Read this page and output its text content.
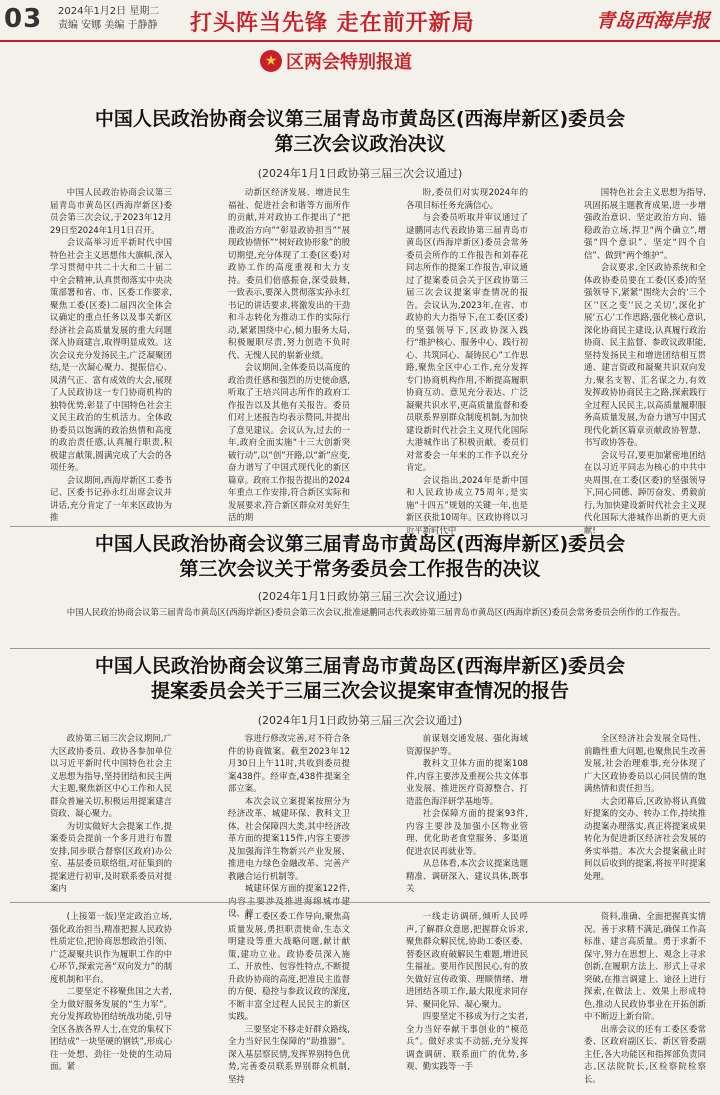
03 2024年1月2日 星期二
责编 安娜 美编 于静静 打头阵当先锋 走在前开新局	青岛西海岸报
★ 区两会特别报道
中国人民政治协商会议第三届青岛市黄岛区(西海岸新区)委员会
第三次会议政治决议
(2024年1月1日政协第三届三次会议通过)

中国人民政治协商会议第三届青岛市黄岛区(西海岸新区)委员会第三次会议,于2023年12月29日至2024年1月1日召开。

会议高举习近平新时代中国特色社会主义思想伟大旗帜,深入学习贯彻中共二十大和二十届二中全会精神,认真贯彻落实中央决策部署和省、市、区委工作要求,聚焦工委(区委)二届四次全体会议确定的重点任务以及事关新区经济社会高质量发展的重大问题深入协商建言,取得明显成效。这次会议充分发扬民主,广泛凝聚团结,是一次凝心聚力、提振信心、凤清气正、富有成效的大会,展现了人民政协这一专门协商机构的独特优势,彰显了中国特色社会主义民主政治的生机活力。全体政协委员以饱满的政治热情和高度的政治责任感,认真履行职责,积极建言献策,圆满完成了大会的各项任务。

会议期间,西海岸新区工委书记、区委书记孙永红出席会议并讲话,充分肯定了一年来区政协为推

动新区经济发展、增进民生福祉、促进社会和谐等方面所作的贡献,并对政协工作提出了“把准政治方向”“彰显政协担当”“展现政协情怀”“树好政协形象”的殷切期望,充分体现了工委(区委)对政协工作的高度重视和大力支持。委员们倍感振奋,深受鼓舞,一致表示,要深入贯彻落实孙永红书记的讲话要求,将激发出的干劲和斗志转化为推动工作的实际行动,紧紧围绕中心,倾力服务大局,积极履职尽责,努力创造不负时代、无愧人民的崭新业绩。

会议期间,全体委员以高度的政治责任感和强烈的历史使命感,听取了王培兴同志所作的政府工作报告以及其他有关报告。委员们对上述报告均表示赞同,并提出了意见建议。会议认为,过去的一年,政府全面实施“十三大创新突破行动”,以“创”开路,以“新”应变,奋力谱写了中国式现代化的新区篇章。政府工作报告提出的2024年重点工作安排,符合新区实际和发展要求,符合新区群众对美好生活的期

盼,委员们对实现2024年的各项目标任务充满信心。

与会委员听取并审议通过了逯鹏同志代表政协第三届青岛市黄岛区(西海岸新区)委员会常务委员会所作的工作报告和刘春花同志所作的提案工作报告,审议通过了提案委员会关于区政协第三届三次会议提案审查情况的报告。会议认为,2023年,在省、市政协的大力指导下,在工委(区委)的坚强领导下,区政协深入践行“维护核心、服务中心、践行初心、共筑同心、凝铸民心”工作思路,聚焦全区中心工作,充分发挥专门协商机构作用,不断提高履职协商互动、意见充分表达、广泛凝聚共识水平,更高质量监督和委员联系界别群众制度机制,为加快建设新时代社会主义现代化国际大港城作出了积极贡献。委员们对常委会一年来的工作予以充分肯定。

会议指出,2024年是新中国和人民政协成立75周年,是实施“十四五”规划的关键一年,也是新区获批10周年。区政协将以习近平新时代中

国特色社会主义思想为指导,巩固拓展主题教育成果,进一步增强政治意识、坚定政治方向、锚稳政治立场,捍卫“两个确立”,增强“四个意识”、坚定“四个自信”、做到“两个维护”。

会议要求,全区政协系统和全体政协委员要在工委(区委)的坚强领导下,紧紧“围绕大会的‘三个区’‘区之变’‘民之关切’,深化扩展‘五心’工作思路,强化核心意识,深化协商民主建设,认真履行政治协商、民主监督、参政议政职能,坚持发扬民主和增进团结相互贯通、建言资政和凝聚共识双向发力,聚名支智、汇名谋之力,有效发挥政协协商民主之路,探索践行全过程人民民主,以高质量履职服务高质量发展,为奋力谱写中国式现代化新区篇章贡献政协智慧、书写政协答卷。

会议号召,要更加紧密地团结在以习近平同志为核心的中共中央周围,在工委(区委)的坚强领导下,同心同德、踔厉奋发、勇毅前行,为加快建设新时代社会主义现代化国际大港城作出新的更大贡献!

中国人民政治协商会议第三届青岛市黄岛区(西海岸新区)委员会
第三次会议关于常务委员会工作报告的决议
(2024年1月1日政协第三届三次会议通过)

中国人民政治协商会议第三届青岛市黄岛区(西海岸新区)委员会第三次会议,批准逯鹏同志代表政协第三届青岛市黄岛区(西海岸新区)委员会常务委员会所作的工作报告。

中国人民政治协商会议第三届青岛市黄岛区(西海岸新区)委员会
提案委员会关于三届三次会议提案审查情况的报告
(2024年1月1日政协第三届三次会议通过)

政协第三届三次会议期间,广大区政协委员、政协各参加单位以习近平新时代中国特色社会主义思想为指导,坚持团结和民主两大主题,聚焦新区中心工作和人民群众普遍关切,积极运用提案建言资政、凝心聚力。

为切实做好大会提案工作,提案委员会提前一个多月进行布置安排,同步联合督察(区政府)办公室、基层委员联络组,对征集到的提案进行初审,及时联系委员对提案内

容进行修改完善,对不符合条件的协商做案。截至2023年12月30日上午11时,共收到委员提案438件。经审查,438件提案全部立案。

本次会议立案提案按照分为经济改革、城建环保、教科文卫体、社会保障四大类,其中经济改革方面的提案115件,内容主要涉及加强海洋生物新兴产业发展、推进电力绿色金融改革、完善产教融合运行机制等。

城建环保方面的提案122件,内容主要涉及推进海绵城市建设、超

前谋划交通发展、强化海域资源保护等。

教科文卫体方面的提案108件,内容主要涉及重视公共文体事业发展、推进医疗资源整合、打造蓝色海洋研学基地等。

社会保障方面的提案93件,内容主要涉及加强小区物业管理、优化助老食堂服务、多渠道促进农民再就业等。

从总体看,本次会议提案选题精准、调研深入、建议具体,既事关

全区经济社会发展全局性、前瞻性重大问题,也聚焦民生改善发展,社会治理难事,充分体现了广大区政协委员以心同民情的饱满热情和责任担当。

大会闭幕后,区政协将认真做好提案的交办、转办工作,持续推动提案办理落实,真正将提案成果转化为促进新区经济社会发展的务实举措。本次大会提案截止时间以后收到的提案,将按平时提案处理。

(上接第一版)坚定政治立场,强化政治担当,精准把握人民政协性质定位,把协商思想政治引领、广泛凝聚共识作为履职工作的中心环节,探索完善“双向发力”的制度机制和平台。

二要坚定不移聚焦国之大者,全力做好服务发展的“生力军”。充分发挥政协团结统战功能,引导全区各族各界人士,在党的集权下团结成“一块坚硬的钢铁”,形成心往一处想、劲往一处使的生动局面。紧

盯工委区委工作导向,聚焦高质量发展,勇担职责使命,生态文明建设等重大战略问题,献计献策,建功立业。政协委员深入施工、开放性、包容性特点,不断提升政协协商的高度,把准民主监督的方便、稳控与参政议政的深度,不断丰富全过程人民民主的新区实践。

三要坚定不移走好群众路线,全力当好民生保障的“助推器”。深入基层察民情,发挥界别特色优势,完善委员联系界别群众机制,坚持

一线走访调研,倾听人民呼声,了解群众意愿,把握群众诉求,聚焦群众解民忧,协助工委区委、替委区政府破解民生难题,增进民生福祉。要用作民图民心,有的放矢做好宣传政策、理顺情绪、增进团结各项工作,最大限度求同存异、聚同化异、凝心聚力。

四要坚定不移成为行之实者,全力当好奉献干事创业的“模范兵”。做好求实不动摇,充分发挥调查调研、联系面广的优势,多观、勤实践等一手

资料,准确、全面把握真实情况。善于求精不满足,确保工作高标准、建言高质量。勇于求新不保守,努力在思想上、观念上寻求创新,在履职方法上、形式上寻求突破,在推言调建上、途径上进行探索,在做法上、效果上形成特色,推动人民政协事业在开拓创新中不断迈上新台阶。

出席会议的还有工委区委常委、区政府副区长、新区管委副主任,各大功能区和指挥部负责同志,区法院院长,区检察院检察长。
